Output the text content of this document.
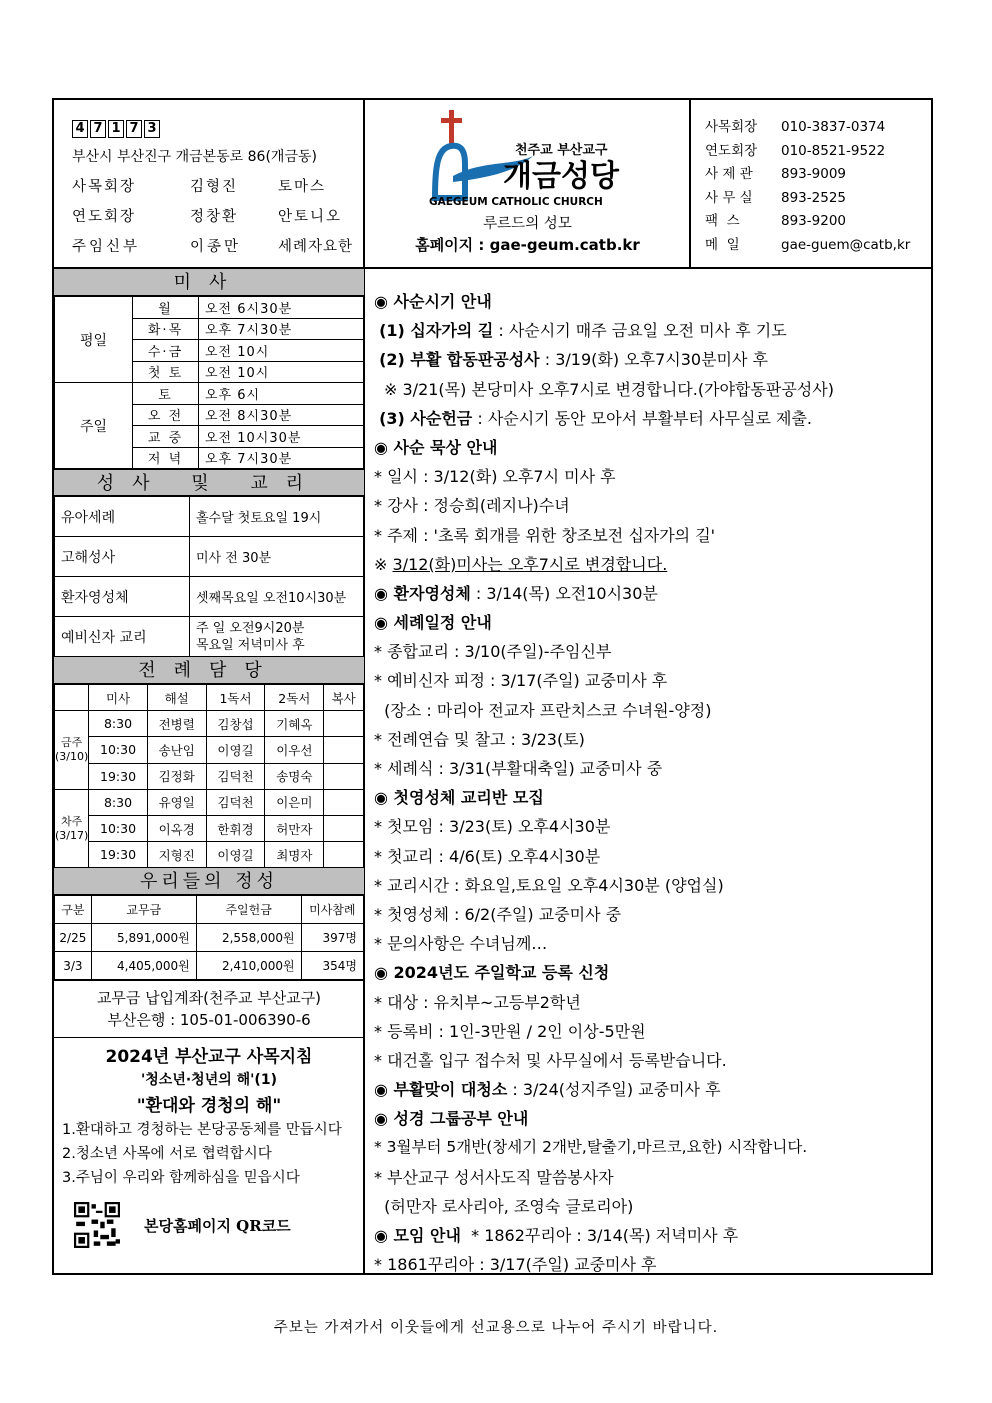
4 7 1 7 3
부산시 부산진구 개금본동로 86(개금동)
사목회장	김형진	토마스
연도회장	정창환	안토니오
주임신부	이종만	세례자요한
천주교 부산교구
개금성당
GAEGEUM CATHOLIC CHURCH
루르드의 성모
홈페이지 : gae-geum.catb.kr
사목회장	010-3837-0374
연도회장	010-8521-9522
사 제 관	893-9009
사 무 실	893-2525
팩  스	893-9200
메  일	gae-guem@catb,kr
미사
평일	월	오전 6시30분
	화·목	오후 7시30분
	수·금	오전 10시
	첫 토	오전 10시
주일	토	오후 6시
	오 전	오전 8시30분
	교 중	오전 10시30분
	저 녁	오후 7시30분
성사 및 교리
유아세례	홀수달 첫토요일 19시
고해성사	미사 전 30분
환자영성체	셋째목요일 오전10시30분
예비신자 교리	주 일 오전9시20분
목요일 저녁미사 후
전례담당
	미사	해설	1독서	2독서	복사
금주(3/10)	8:30	전병렬	김창섭	기혜옥	
	10:30	송난임	이영길	이우선	
	19:30	김정화	김덕천	송명숙	
차주(3/17)	8:30	유영일	김덕천	이은미	
	10:30	이옥경	한휘경	허만자	
	19:30	지형진	이영길	최명자	
우리들의 정성
구분	교무금	주일헌금	미사참례
2/25	5,891,000원	2,558,000원	397명
3/3	4,405,000원	2,410,000원	354명
교무금 납입계좌(천주교 부산교구)
부산은행 : 105-01-006390-6
2024년 부산교구 사목지침
'청소년·청년의 해'(1)
"환대와 경청의 해"
1.환대하고 경청하는 본당공동체를 만듭시다
2.청소년 사목에 서로 협력합시다
3.주님이 우리와 함께하심을 믿읍시다
본당홈페이지 QR코드
◉ 사순시기 안내
(1) 십자가의 길 : 사순시기 매주 금요일 오전 미사 후 기도
(2) 부활 합동판공성사 : 3/19(화) 오후7시30분미사 후
※ 3/21(목) 본당미사 오후7시로 변경합니다.(가야합동판공성사)
(3) 사순헌금 : 사순시기 동안 모아서 부활부터 사무실로 제출.
◉ 사순 묵상 안내
* 일시 : 3/12(화) 오후7시 미사 후
* 강사 : 정승희(레지나)수녀
* 주제 : '초록 회개를 위한 창조보전 십자가의 길'
※ 3/12(화)미사는 오후7시로 변경합니다.
◉ 환자영성체 : 3/14(목) 오전10시30분
◉ 세례일정 안내
* 종합교리 : 3/10(주일)-주임신부
* 예비신자 피정 : 3/17(주일) 교중미사 후
(장소 : 마리아 전교자 프란치스코 수녀원-양정)
* 전례연습 및 찰고 : 3/23(토)
* 세례식 : 3/31(부활대축일) 교중미사 중
◉ 첫영성체 교리반 모집
* 첫모임 : 3/23(토) 오후4시30분
* 첫교리 : 4/6(토) 오후4시30분
* 교리시간 : 화요일,토요일 오후4시30분 (양업실)
* 첫영성체 : 6/2(주일) 교중미사 중
* 문의사항은 수녀님께…
◉ 2024년도 주일학교 등록 신청
* 대상 : 유치부~고등부2학년
* 등록비 : 1인-3만원 / 2인 이상-5만원
* 대건홀 입구 접수처 및 사무실에서 등록받습니다.
◉ 부활맞이 대청소 : 3/24(성지주일) 교중미사 후
◉ 성경 그룹공부 안내
* 3월부터 5개반(창세기 2개반,탈출기,마르코,요한) 시작합니다.
* 부산교구 성서사도직 말씀봉사자
(허만자 로사리아, 조영숙 글로리아)
◉ 모임 안내  * 1862꾸리아 : 3/14(목) 저녁미사 후
* 1861꾸리아 : 3/17(주일) 교중미사 후
주보는 가져가서 이웃들에게 선교용으로 나누어 주시기 바랍니다.
